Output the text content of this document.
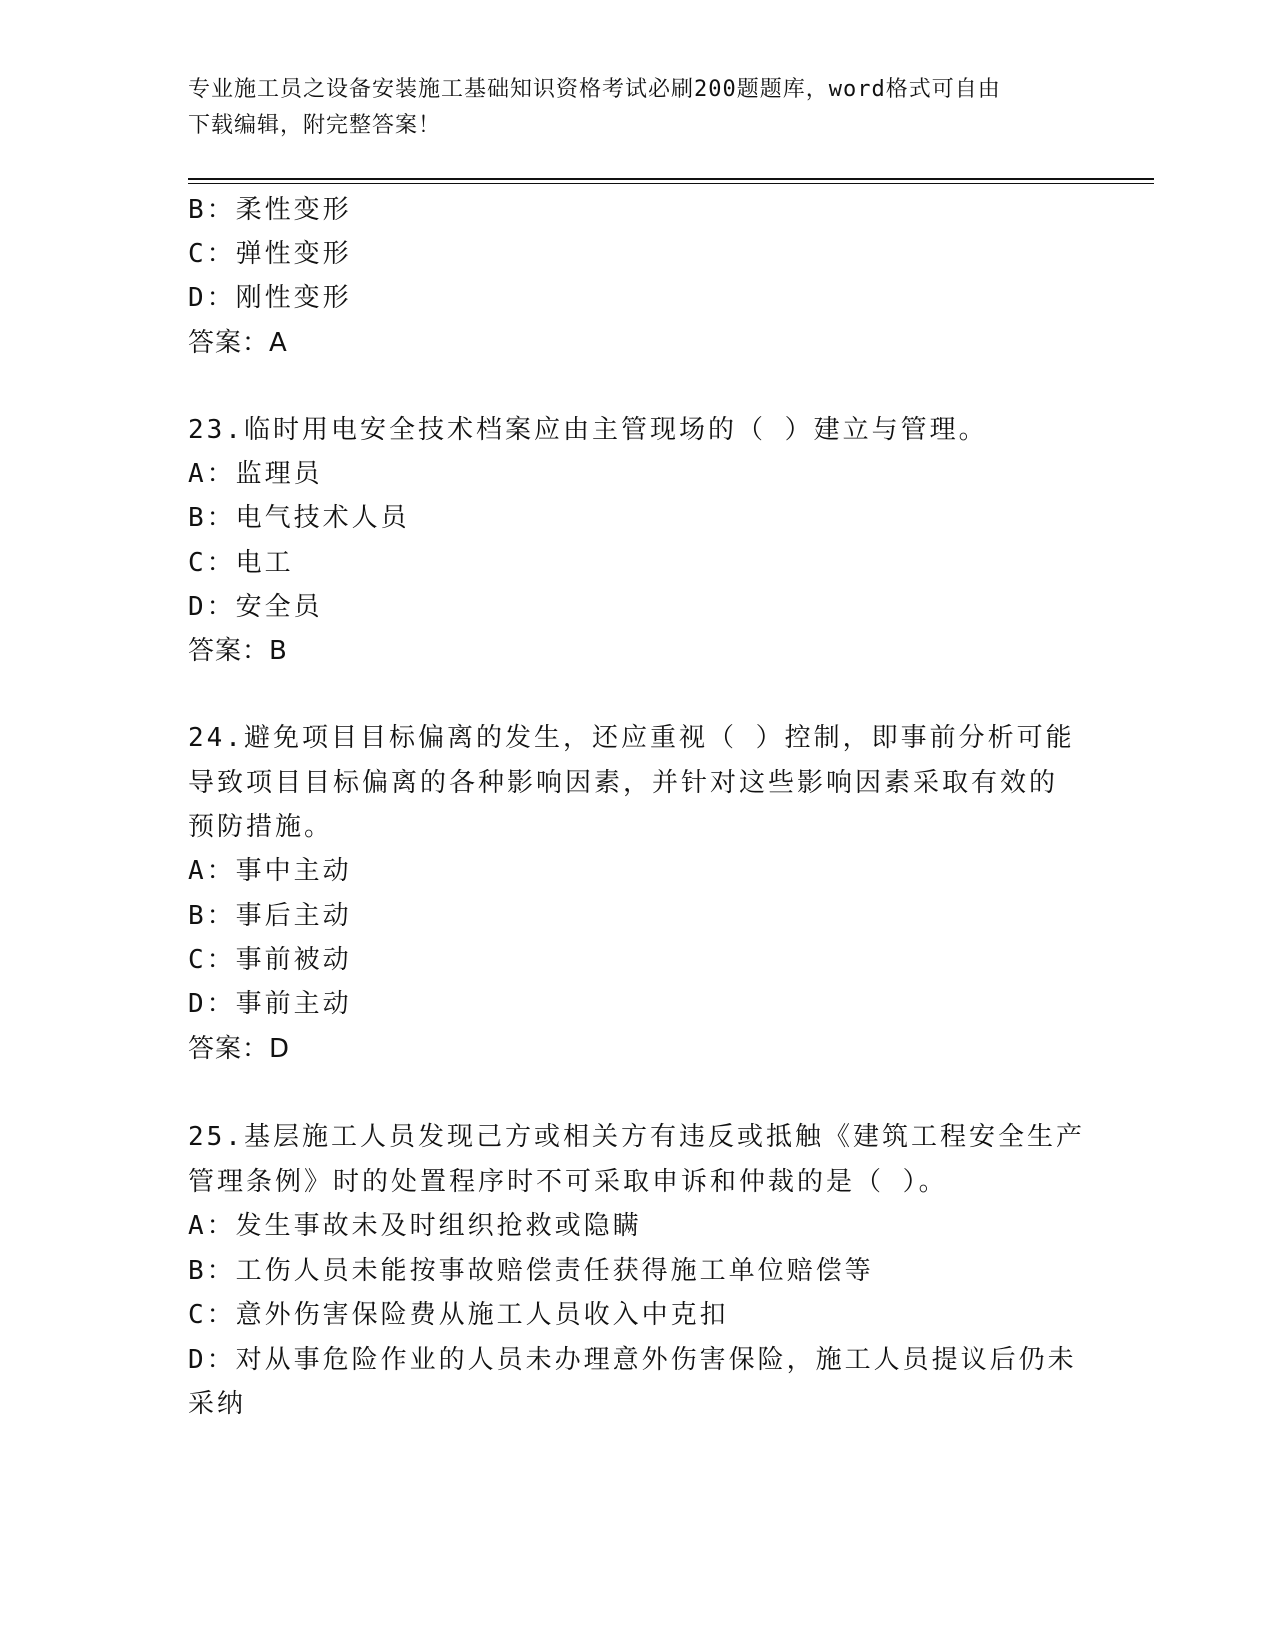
专业施工员之设备安装施工基础知识资格考试必刷200题题库，word格式可自由
下载编辑，附完整答案！
B：柔性变形
C：弹性变形
D：刚性变形
答案：A
23.临时用电安全技术档案应由主管现场的（ ）建立与管理。
A：监理员
B：电气技术人员
C：电工
D：安全员
答案：B
24.避免项目目标偏离的发生，还应重视（ ）控制，即事前分析可能
导致项目目标偏离的各种影响因素，并针对这些影响因素采取有效的
预防措施。
A：事中主动
B：事后主动
C：事前被动
D：事前主动
答案：D
25.基层施工人员发现己方或相关方有违反或抵触《建筑工程安全生产
管理条例》时的处置程序时不可采取申诉和仲裁的是（ ）。
A：发生事故未及时组织抢救或隐瞒
B：工伤人员未能按事故赔偿责任获得施工单位赔偿等
C：意外伤害保险费从施工人员收入中克扣
D：对从事危险作业的人员未办理意外伤害保险，施工人员提议后仍未
采纳
